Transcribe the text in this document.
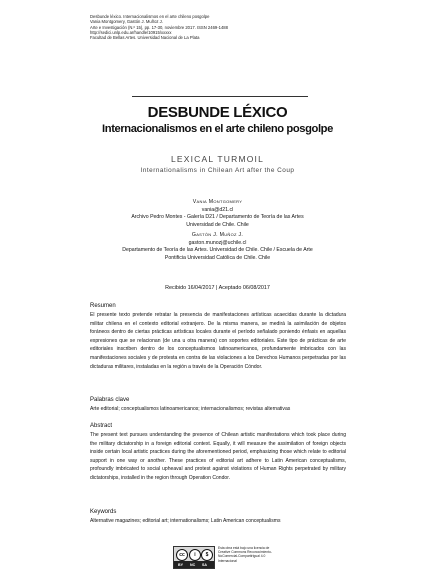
Desbunde léxico. Internacionalismos en el arte chileno posgolpe
Vania Montgomery, Gastón J. Muñoz J.
Arte e Investigación (N.º 15), pp. 17-30, noviembre 2017. ISSN 2469-1488
http://sedici.unlp.edu.ar/handle/10915/xxxxx
Facultad de Bellas Artes. Universidad Nacional de La Plata
DESBUNDE LÉXICO
Internacionalismos en el arte chileno posgolpe
LEXICAL TURMOIL
Internationalisms in Chilean Art after the Coup
Vania Montgomery
vania@d21.cl
Archivo Pedro Montes - Galería D21 / Departamento de Teoría de las Artes
Universidad de Chile. Chile
Gastón J. Muñoz J.
gaston.munozj@uchile.cl
Departamento de Teoría de las Artes. Universidad de Chile. Chile / Escuela de Arte
Pontificia Universidad Católica de Chile. Chile
Recibido 16/04/2017 | Aceptado 06/08/2017
Resumen
El presente texto pretende retratar la presencia de manifestaciones artísticas acaecidas durante la dictadura militar chilena en el contexto editorial extranjero. De la misma manera, se medirá la asimilación de objetos foráneos dentro de ciertas prácticas artísticas locales durante el período señalado poniendo énfasis en aquellas expresiones que se relacionan (de una u otra manera) con soportes editoriales. Este tipo de prácticas de arte editoriales inscriben dentro de los conceptualismos latinoamericanos, profundamente imbricados con las manifestaciones sociales y de protesta en contra de las violaciones a los Derechos Humanos perpetradas por las dictaduras militares, instaladas en la región a través de la Operación Cóndor.
Palabras clave
Arte editorial; conceptualismos latinoamericanos; internacionalismos; revistas alternativas
Abstract
The present text pursues understanding the presence of Chilean artistic manifestations which took place during the military dictatorship in a foreign editorial context. Equally, it will measure the assimilation of foreign objects inside certain local artistic practices during the aforementioned period, emphasizing those which relate to editorial support in one way or another. These practices of editorial art adhere to Latin American conceptualisms, profoundly imbricated to social upheaval and protest against violations of Human Rights perpetrated by military dictatorships, installed in the region through Operation Condor.
Keywords
Alternative magazines; editorial art; internationalisms; Latin American conceptualisms
cc	i	$
BY NC SA
Esta obra está bajo una licencia de
Creative Commons Reconocimiento-
NoComercial-CompartirIgual 4.0
Internacional
